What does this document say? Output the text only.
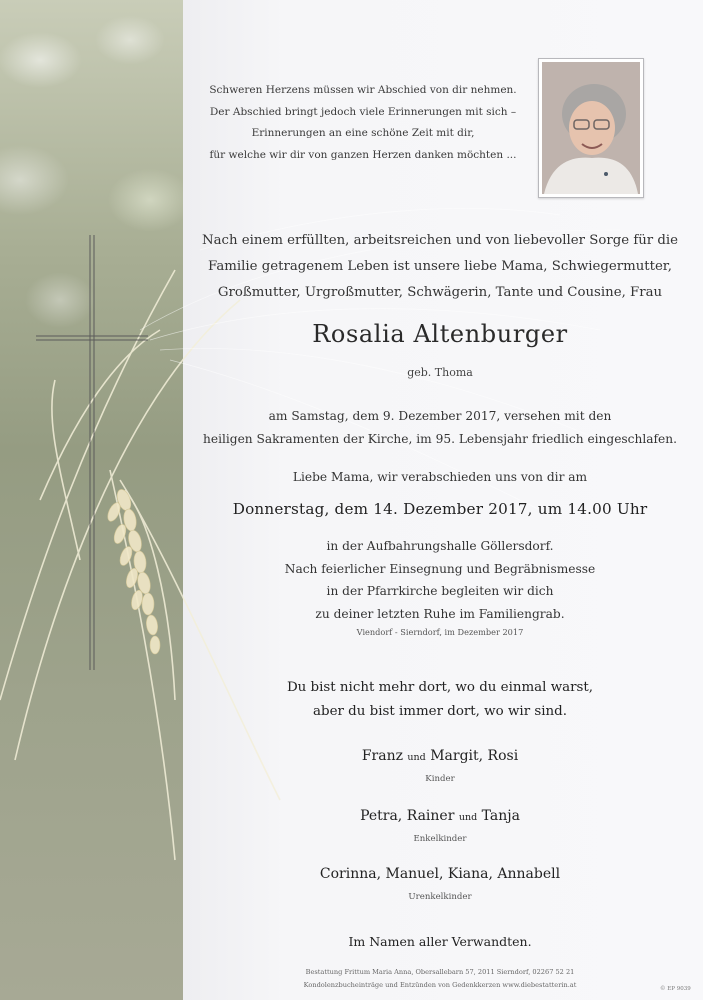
Schweren Herzens müssen wir Abschied von dir nehmen.
Der Abschied bringt jedoch viele Erinnerungen mit sich –
Erinnerungen an eine schöne Zeit mit dir,
für welche wir dir von ganzen Herzen danken möchten ...
Nach einem erfüllten, arbeitsreichen und von liebevoller Sorge für die
Familie getragenem Leben ist unsere liebe Mama, Schwiegermutter,
Großmutter, Urgroßmutter, Schwägerin, Tante und Cousine, Frau
Rosalia Altenburger
geb. Thoma
am Samstag, dem 9. Dezember 2017, versehen mit den
heiligen Sakramenten der Kirche, im 95. Lebensjahr friedlich eingeschlafen.
Liebe Mama, wir verabschieden uns von dir am
Donnerstag, dem 14. Dezember 2017, um 14.00 Uhr
in der Aufbahrungshalle Göllersdorf.
Nach feierlicher Einsegnung und Begräbnismesse
in der Pfarrkirche begleiten wir dich
zu deiner letzten Ruhe im Familiengrab.
Viendorf - Sierndorf, im Dezember 2017
Du bist nicht mehr dort, wo du einmal warst,
aber du bist immer dort, wo wir sind.
Franz und Margit, Rosi
Kinder
Petra, Rainer und Tanja
Enkelkinder
Corinna, Manuel, Kiana, Annabell
Urenkelkinder
Im Namen aller Verwandten.
Bestattung Frittum Maria Anna, Obersallebarn 57, 2011 Sierndorf, 02267 52 21
Kondolenzbucheinträge und Entzünden von Gedenkkerzen www.diebestatterin.at	© EP 9039
